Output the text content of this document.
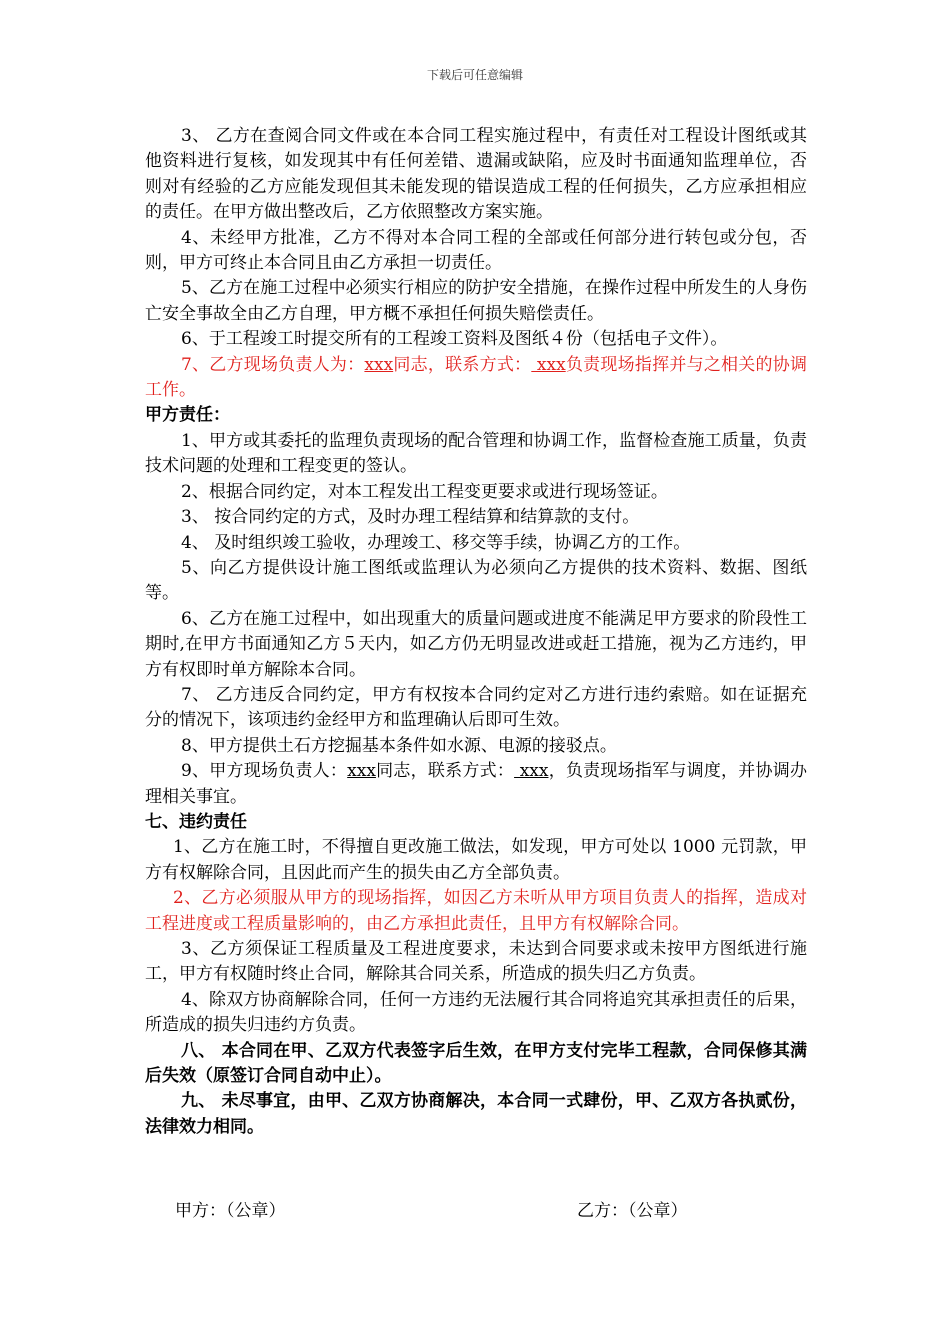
下载后可任意编辑

3、 乙方在查阅合同文件或在本合同工程实施过程中，有责任对工程设计图纸或其他资料进行复核，如发现其中有任何差错、遗漏或缺陷，应及时书面通知监理单位，否则对有经验的乙方应能发现但其未能发现的错误造成工程的任何损失，乙方应承担相应的责任。在甲方做出整改后，乙方依照整改方案实施。

4、未经甲方批准，乙方不得对本合同工程的全部或任何部分进行转包或分包，否则，甲方可终止本合同且由乙方承担一切责任。

5、乙方在施工过程中必须实行相应的防护安全措施，在操作过程中所发生的人身伤亡安全事故全由乙方自理，甲方概不承担任何损失赔偿责任。

6、于工程竣工时提交所有的工程竣工资料及图纸４份（包括电子文件）。

7、乙方现场负责人为：xxx同志，联系方式： xxx负责现场指挥并与之相关的协调工作。

甲方责任：

1、甲方或其委托的监理负责现场的配合管理和协调工作，监督检查施工质量，负责技术问题的处理和工程变更的签认。

2、根据合同约定，对本工程发出工程变更要求或进行现场签证。

3、 按合同约定的方式，及时办理工程结算和结算款的支付。

4、 及时组织竣工验收，办理竣工、移交等手续，协调乙方的工作。

5、向乙方提供设计施工图纸或监理认为必须向乙方提供的技术资料、数据、图纸等。

6、乙方在施工过程中，如出现重大的质量问题或进度不能满足甲方要求的阶段性工期时,在甲方书面通知乙方５天内，如乙方仍无明显改进或赶工措施，视为乙方违约，甲方有权即时单方解除本合同。

7、 乙方违反合同约定，甲方有权按本合同约定对乙方进行违约索赔。如在证据充分的情况下，该项违约金经甲方和监理确认后即可生效。

8、甲方提供土石方挖掘基本条件如水源、电源的接驳点。

9、甲方现场负责人：xxx同志，联系方式： xxx，负责现场指军与调度，并协调办理相关事宜。

七、违约责任

1、乙方在施工时，不得擅自更改施工做法，如发现，甲方可处以 1000 元罚款，甲方有权解除合同，且因此而产生的损失由乙方全部负责。

2、乙方必须服从甲方的现场指挥，如因乙方未听从甲方项目负责人的指挥，造成对工程进度或工程质量影响的，由乙方承担此责任，且甲方有权解除合同。

3、乙方须保证工程质量及工程进度要求，未达到合同要求或未按甲方图纸进行施工，甲方有权随时终止合同，解除其合同关系，所造成的损失归乙方负责。

4、除双方协商解除合同，任何一方违约无法履行其合同将追究其承担责任的后果，所造成的损失归违约方负责。

八、 本合同在甲、乙双方代表签字后生效，在甲方支付完毕工程款，合同保修其满后失效（原签订合同自动中止）。

九、 未尽事宜，由甲、乙双方协商解决，本合同一式肆份，甲、乙双方各执贰份，法律效力相同。

甲方：（公章）	乙方：（公章）
